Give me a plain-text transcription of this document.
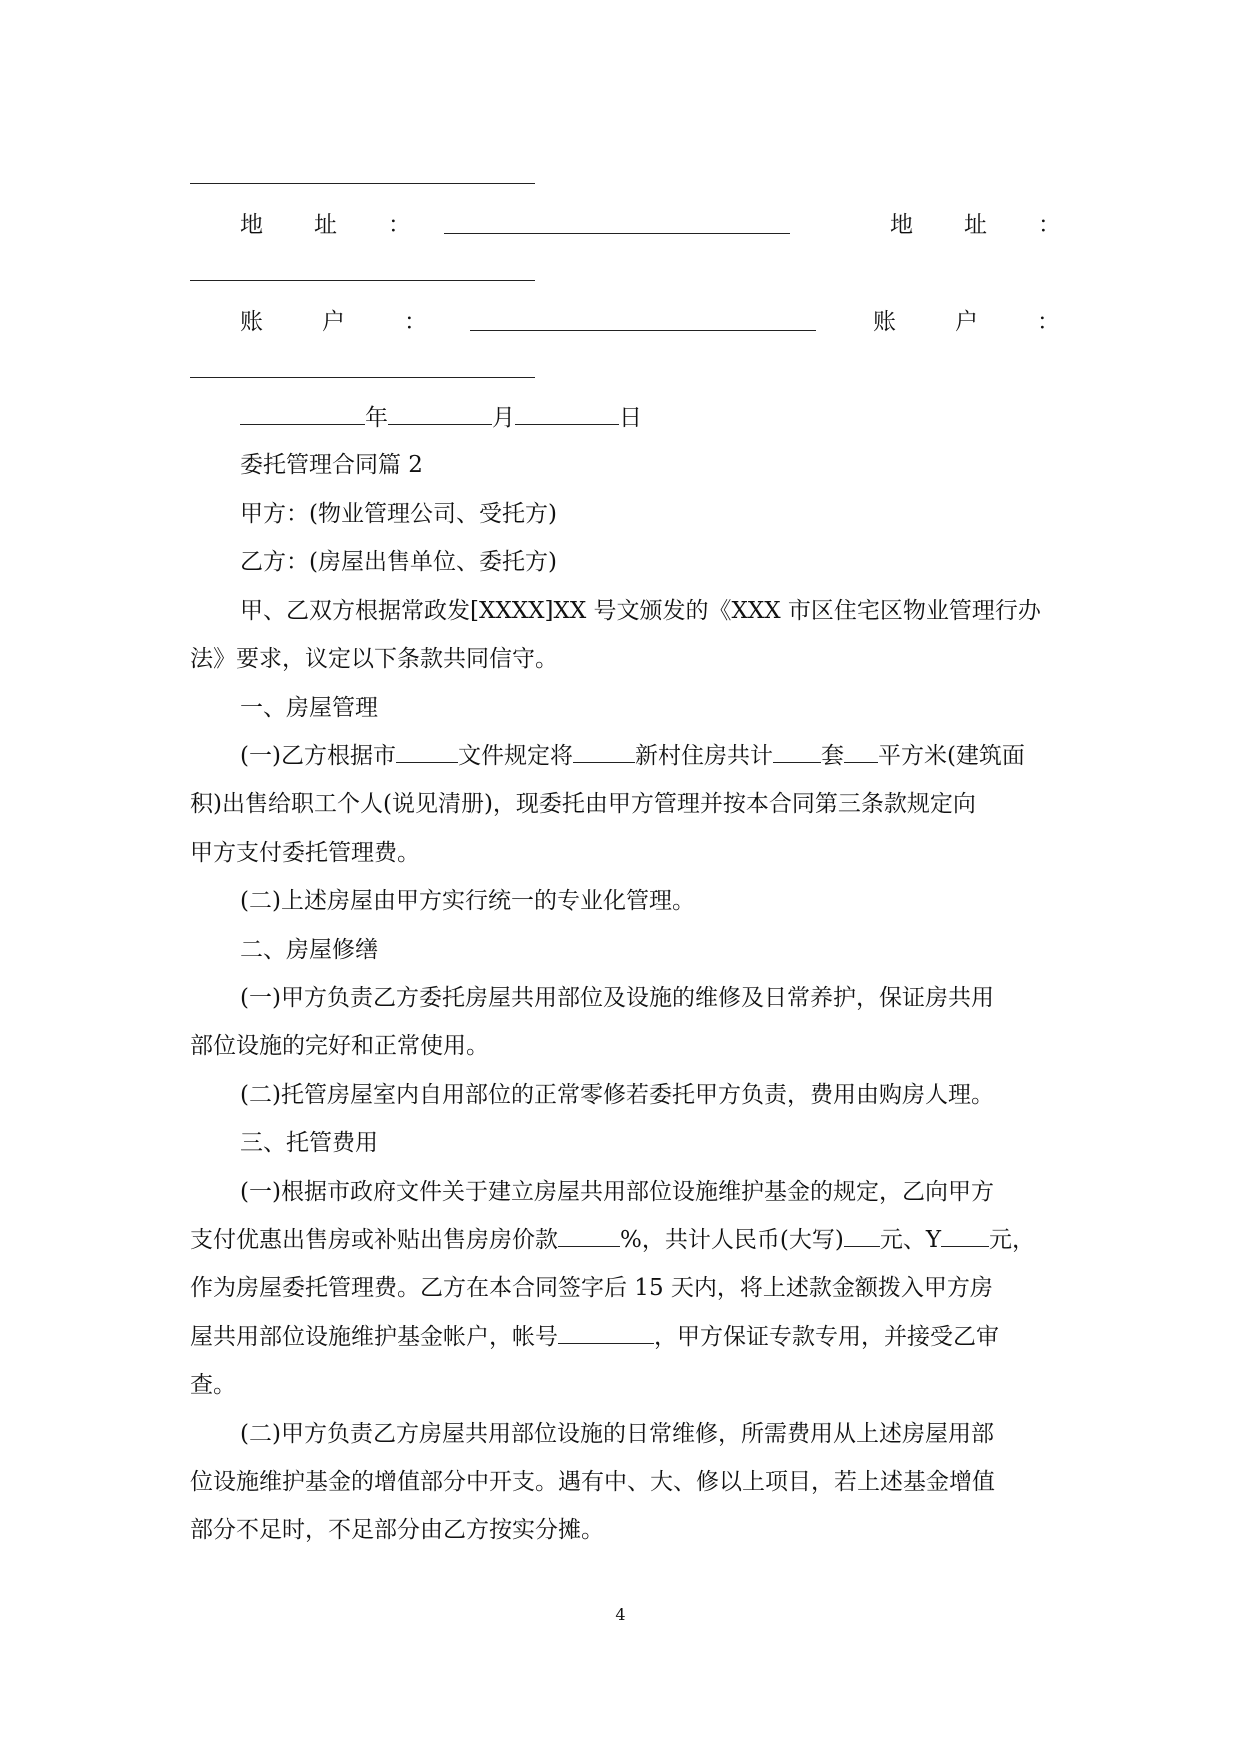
地　址　：	地　址　：
账　户　：	账　户　：
年	月	日
委托管理合同篇 2
甲方：(物业管理公司、受托方)
乙方：(房屋出售单位、委托方)
甲、乙双方根据常政发[XXXX]XX 号文颁发的《XXX 市区住宅区物业管理行办
法》要求，议定以下条款共同信守。
一、房屋管理
(一)乙方根据市	文件规定将	新村住房共计 套 平方米(建筑面
积)出售给职工个人(说见清册)，现委托由甲方管理并按本合同第三条款规定向
甲方支付委托管理费。
(二)上述房屋由甲方实行统一的专业化管理。
二、房屋修缮
(一)甲方负责乙方委托房屋共用部位及设施的维修及日常养护，保证房共用
部位设施的完好和正常使用。
(二)托管房屋室内自用部位的正常零修若委托甲方负责，费用由购房人理。
三、托管费用
(一)根据市政府文件关于建立房屋共用部位设施维护基金的规定，乙向甲方
支付优惠出售房或补贴出售房房价款	%，共计人民币(大写) 元、Y 元，
作为房屋委托管理费。乙方在本合同签字后 15 天内，将上述款金额拨入甲方房
屋共用部位设施维护基金帐户，帐号	，甲方保证专款专用，并接受乙审
查。
(二)甲方负责乙方房屋共用部位设施的日常维修，所需费用从上述房屋用部
位设施维护基金的增值部分中开支。遇有中、大、修以上项目，若上述基金增值
部分不足时，不足部分由乙方按实分摊。
4
